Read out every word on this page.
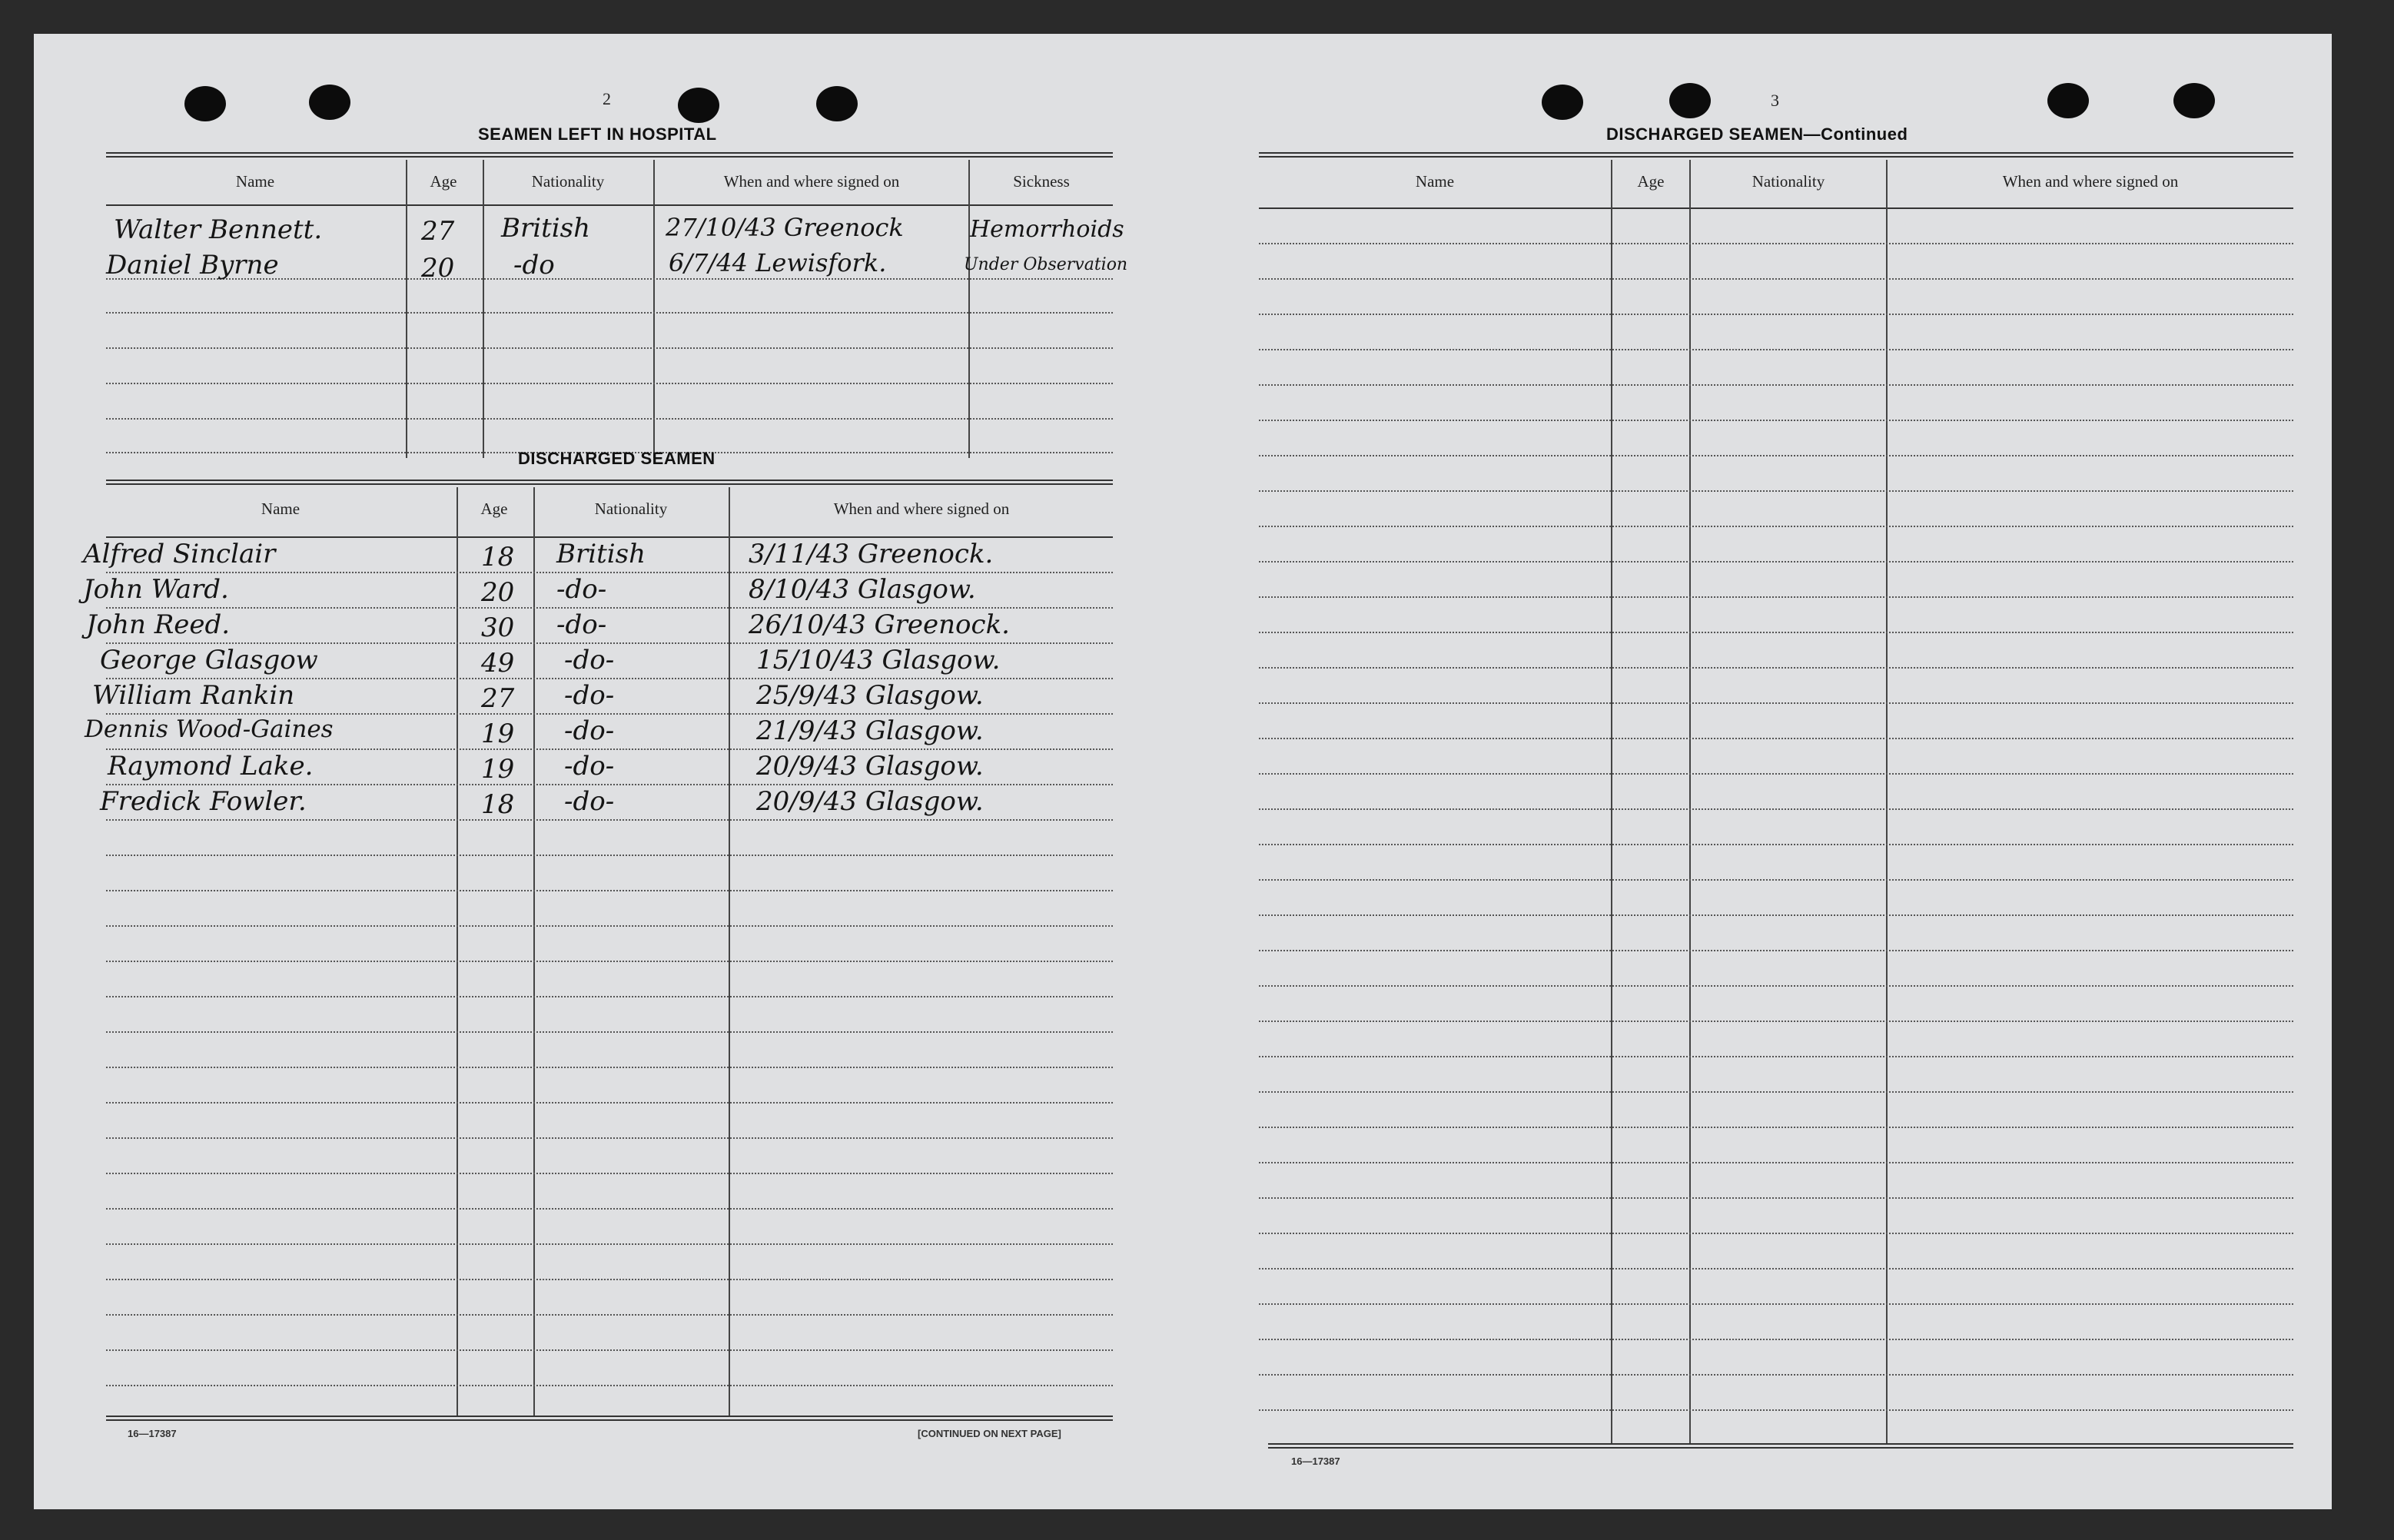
2
SEAMEN LEFT IN HOSPITAL
Name	Age	Nationality	When and where signed on	Sickness
Walter Bennett.	27 British	27/10/43 Greenock	Hemorrhoids
Daniel Byrne	20 -do	6/7/44 Lewisfork.	Under Observation
DISCHARGED SEAMEN
Name	Age	Nationality	When and where signed on
Alfred Sinclair	18 British	3/11/43 Greenock.
John Ward.	20 -do-	8/10/43 Glasgow.
John Reed.	30 -do-	26/10/43 Greenock.
George Glasgow	49 -do-	15/10/43 Glasgow.
William Rankin	27 -do-	25/9/43 Glasgow.
Dennis Wood-Gaines	19 -do-	21/9/43 Glasgow.
Raymond Lake.	19 -do-	20/9/43 Glasgow.
Fredick Fowler.	18 -do-	20/9/43 Glasgow.
16—17387	[CONTINUED ON NEXT PAGE]
3
DISCHARGED SEAMEN—Continued
Name	Age	Nationality	When and where signed on
16—17387
